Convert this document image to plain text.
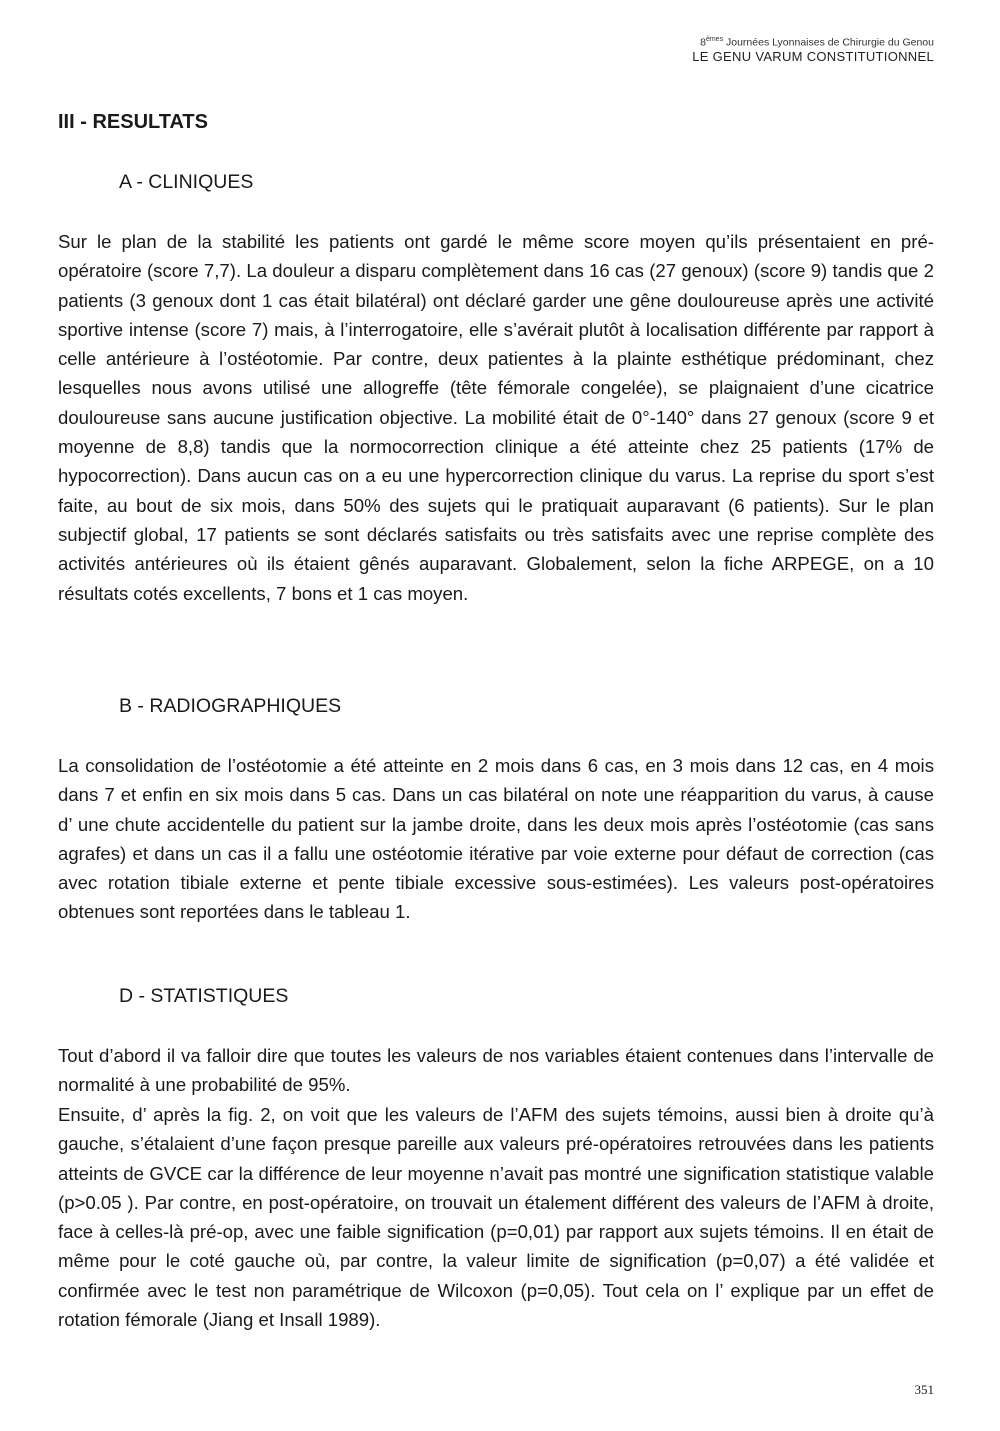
8èmes Journées Lyonnaises de Chirurgie du Genou
LE GENU VARUM CONSTITUTIONNEL
III - RESULTATS
A - CLINIQUES

Sur le plan de la stabilité les patients ont gardé le même score moyen qu’ils présentaient en pré-opératoire (score 7,7). La douleur a disparu complètement dans 16 cas (27 genoux) (score 9) tandis que 2 patients (3 genoux dont 1 cas était bilatéral) ont déclaré garder une gêne douloureuse après une activité sportive intense (score 7) mais, à l’interrogatoire, elle s’avérait plutôt à localisation différente par rapport à celle antérieure à l’ostéotomie. Par contre, deux patientes à la plainte esthétique prédominant, chez lesquelles nous avons utilisé une allogreffe (tête fémorale congelée), se plaignaient d’une cicatrice douloureuse sans aucune justification objective. La mobilité était de 0°-140° dans 27 genoux (score 9 et moyenne de 8,8) tandis que la normocorrection clinique a été atteinte chez 25 patients (17% de hypocorrection). Dans aucun cas on a eu une hypercorrection clinique du varus. La reprise du sport s’est faite, au bout de six mois, dans 50% des sujets qui le pratiquait auparavant (6 patients). Sur le plan subjectif global, 17 patients se sont déclarés satisfaits ou très satisfaits avec une reprise complète des activités antérieures où ils étaient gênés auparavant. Globalement, selon la fiche ARPEGE, on a 10 résultats cotés excellents, 7 bons et 1 cas moyen.

B - RADIOGRAPHIQUES

La consolidation de l’ostéotomie a été atteinte en 2 mois dans 6 cas, en 3 mois dans 12 cas, en 4 mois dans 7 et enfin en six mois dans 5 cas. Dans un cas bilatéral on note une réapparition du varus, à cause d’ une chute accidentelle du patient sur la jambe droite, dans les deux mois après l’ostéotomie (cas sans agrafes) et dans un cas il a fallu une ostéotomie itérative par voie externe pour défaut de correction (cas avec rotation tibiale externe et pente tibiale excessive sous-estimées). Les valeurs post-opératoires obtenues sont reportées dans le tableau 1.

D - STATISTIQUES

Tout d’abord il va falloir dire que toutes les valeurs de nos variables étaient contenues dans l’intervalle de normalité à une probabilité de 95%.

Ensuite, d’ après la fig. 2, on voit que les valeurs de l’AFM des sujets témoins, aussi bien à droite qu’à gauche, s’étalaient d’une façon presque pareille aux valeurs pré-opératoires retrouvées dans les patients atteints de GVCE car la différence de leur moyenne n’avait pas montré une signification statistique valable (p>0.05 ). Par contre, en post-opératoire, on trouvait un étalement différent des valeurs de l’AFM à droite, face à celles-là pré-op, avec une faible signification (p=0,01) par rapport aux sujets témoins. Il en était de même pour le coté gauche où, par contre, la valeur limite de signification (p=0,07) a été validée et confirmée avec le test non paramétrique de Wilcoxon (p=0,05). Tout cela on l’ explique par un effet de rotation fémorale (Jiang et Insall 1989).

351
